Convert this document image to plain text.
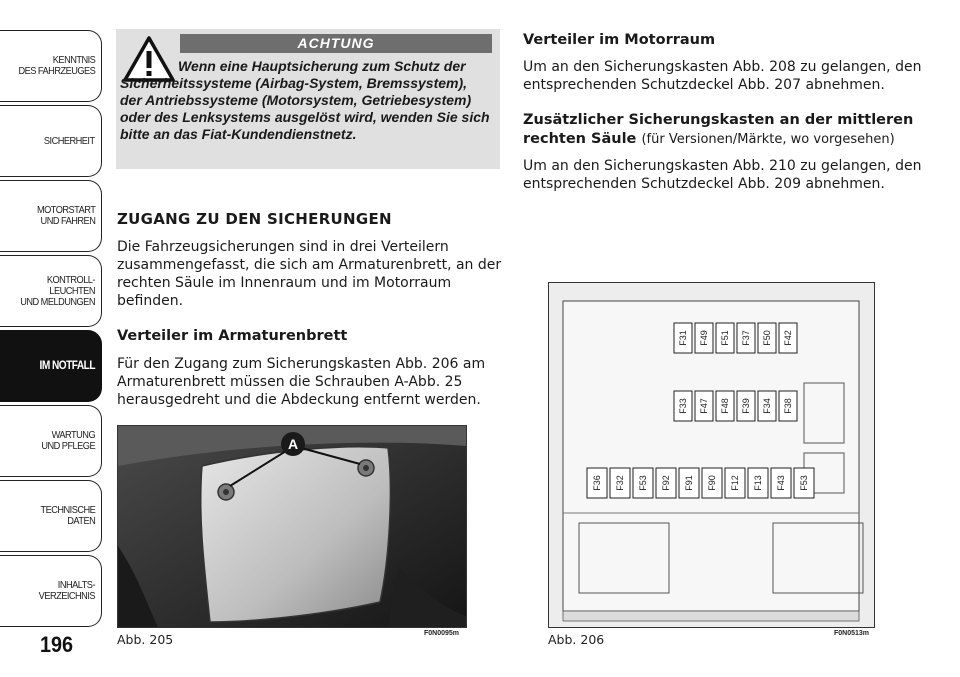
KENNTNIS
DES FAHRZEUGES
SICHERHEIT
MOTORSTART
UND FAHREN
KONTROLL-
LEUCHTEN
UND MELDUNGEN
IM NOTFALL
WARTUNG
UND PFLEGE
TECHNISCHE
DATEN
INHALTS-
VERZEICHNIS
196
ACHTUNG
Wenn eine Hauptsicherung zum Schutz der Sicherheitssysteme (Airbag-System, Bremssystem), der Antriebssysteme (Motorsystem, Getriebesystem) oder des Lenksystems ausgelöst wird, wenden Sie sich bitte an das Fiat-Kundendienstnetz.
ZUGANG ZU DEN SICHERUNGEN
Die Fahrzeugsicherungen sind in drei Verteilern zusammengefasst, die sich am Armaturenbrett, an der rechten Säule im Innenraum und im Motorraum befinden.
Verteiler im Armaturenbrett
Für den Zugang zum Sicherungskasten Abb. 206 am Armaturenbrett müssen die Schrauben A-Abb. 25 herausgedreht und die Abdeckung entfernt werden.
Verteiler im Motorraum
Um an den Sicherungskasten Abb. 208 zu gelangen, den entsprechenden Schutzdeckel Abb. 207 abnehmen.
Zusätzlicher Sicherungskasten an der mittleren rechten Säule (für Versionen/Märkte, wo vorgesehen)
Um an den Sicherungskasten Abb. 210 zu gelangen, den entsprechenden Schutzdeckel Abb. 209 abnehmen.
A
Abb. 205	F0N0095m
F31 F49 F51 F37 F50 F42
F33 F47 F48 F39 F34 F38
F36 F32 F53 F92 F91 F90 F12 F13 F43 F53
Abb. 206	F0N0513m
